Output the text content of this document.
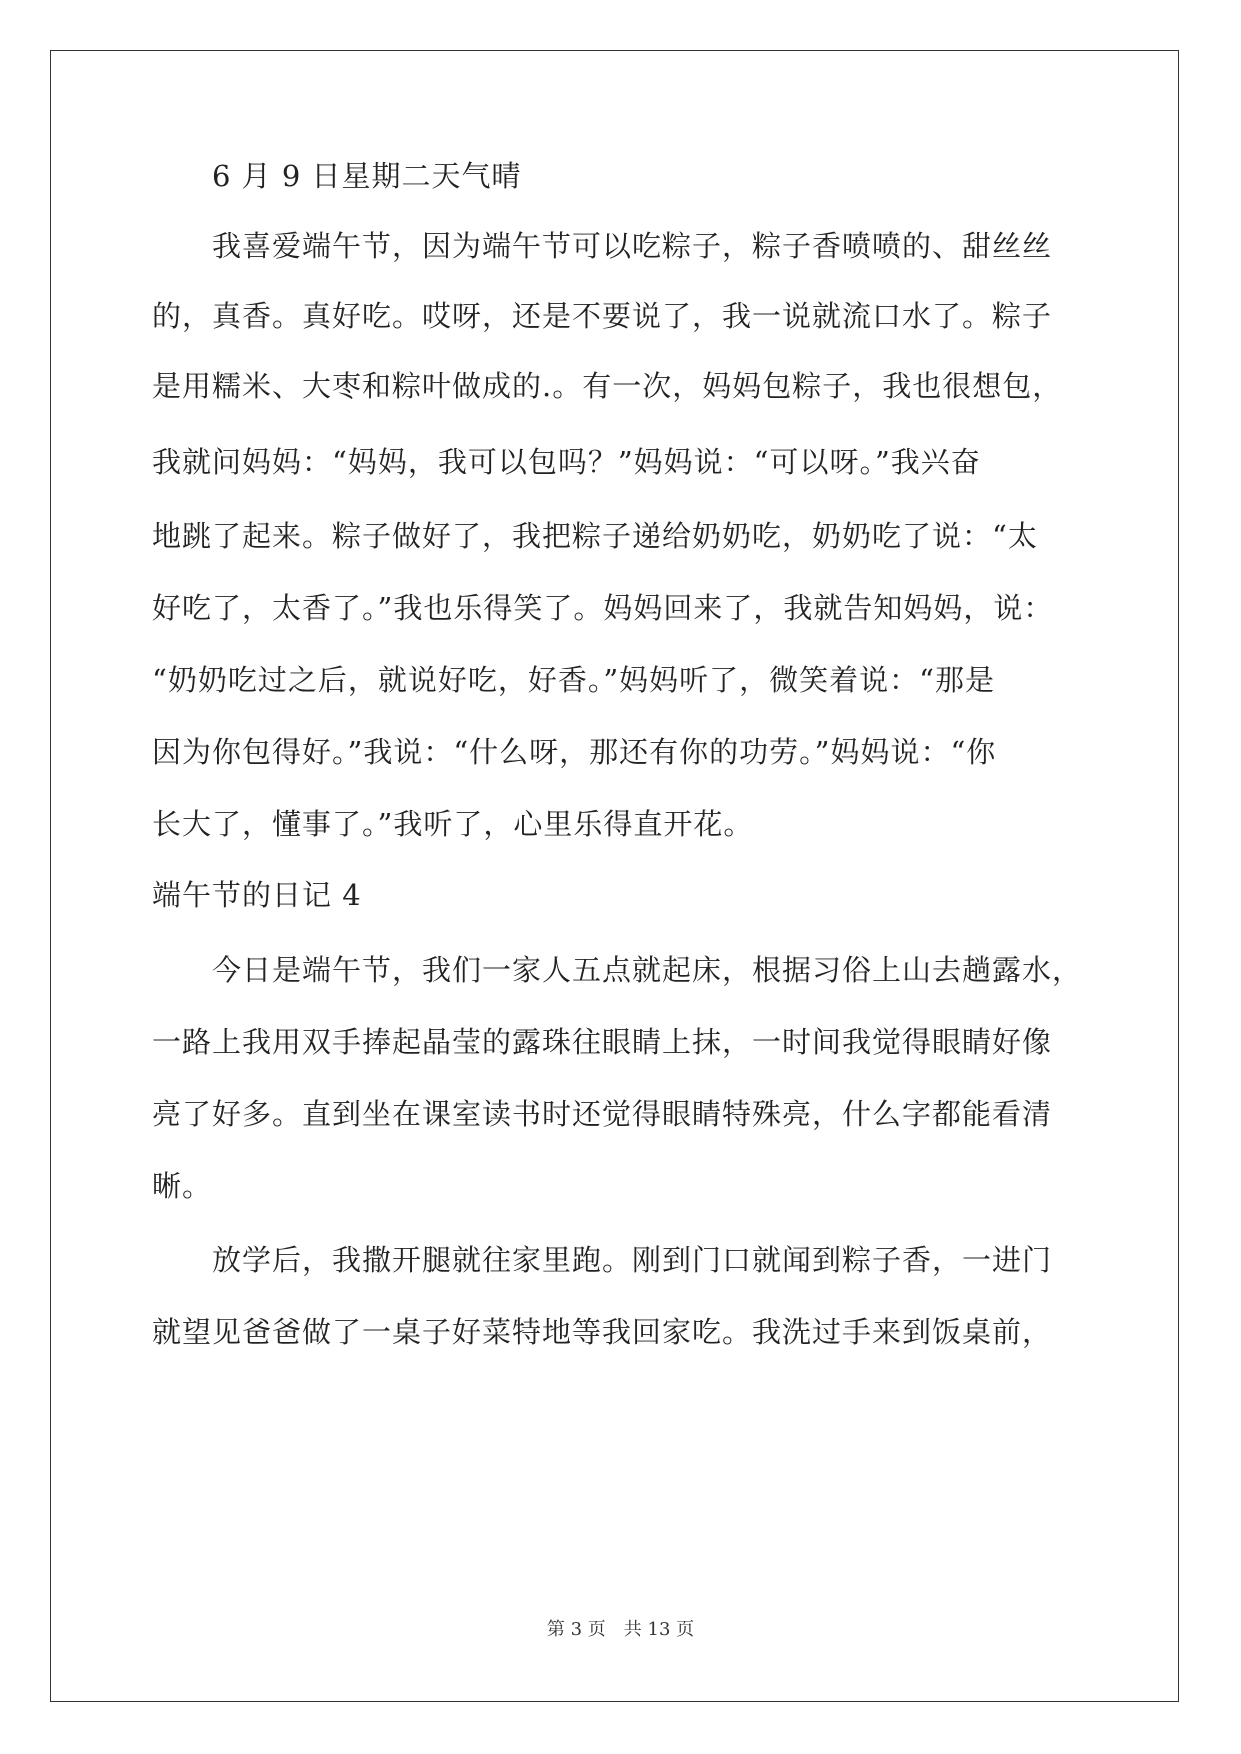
6 月 9 日星期二天气晴
我喜爱端午节，因为端午节可以吃粽子，粽子香喷喷的、甜丝丝
的，真香。真好吃。哎呀，还是不要说了，我一说就流口水了。粽子
是用糯米、大枣和粽叶做成的.。有一次，妈妈包粽子，我也很想包，
我就问妈妈：“妈妈，我可以包吗？”妈妈说：“可以呀。”我兴奋
地跳了起来。粽子做好了，我把粽子递给奶奶吃，奶奶吃了说：“太
好吃了，太香了。”我也乐得笑了。妈妈回来了，我就告知妈妈，说：
“奶奶吃过之后，就说好吃，好香。”妈妈听了，微笑着说：“那是
因为你包得好。”我说：“什么呀，那还有你的功劳。”妈妈说：“你
长大了，懂事了。”我听了，心里乐得直开花。
端午节的日记 4
今日是端午节，我们一家人五点就起床，根据习俗上山去趟露水，
一路上我用双手捧起晶莹的露珠往眼睛上抹，一时间我觉得眼睛好像
亮了好多。直到坐在课室读书时还觉得眼睛特殊亮，什么字都能看清
晰。
放学后，我撒开腿就往家里跑。刚到门口就闻到粽子香，一进门
就望见爸爸做了一桌子好菜特地等我回家吃。我洗过手来到饭桌前，
第 3 页 共 13 页
